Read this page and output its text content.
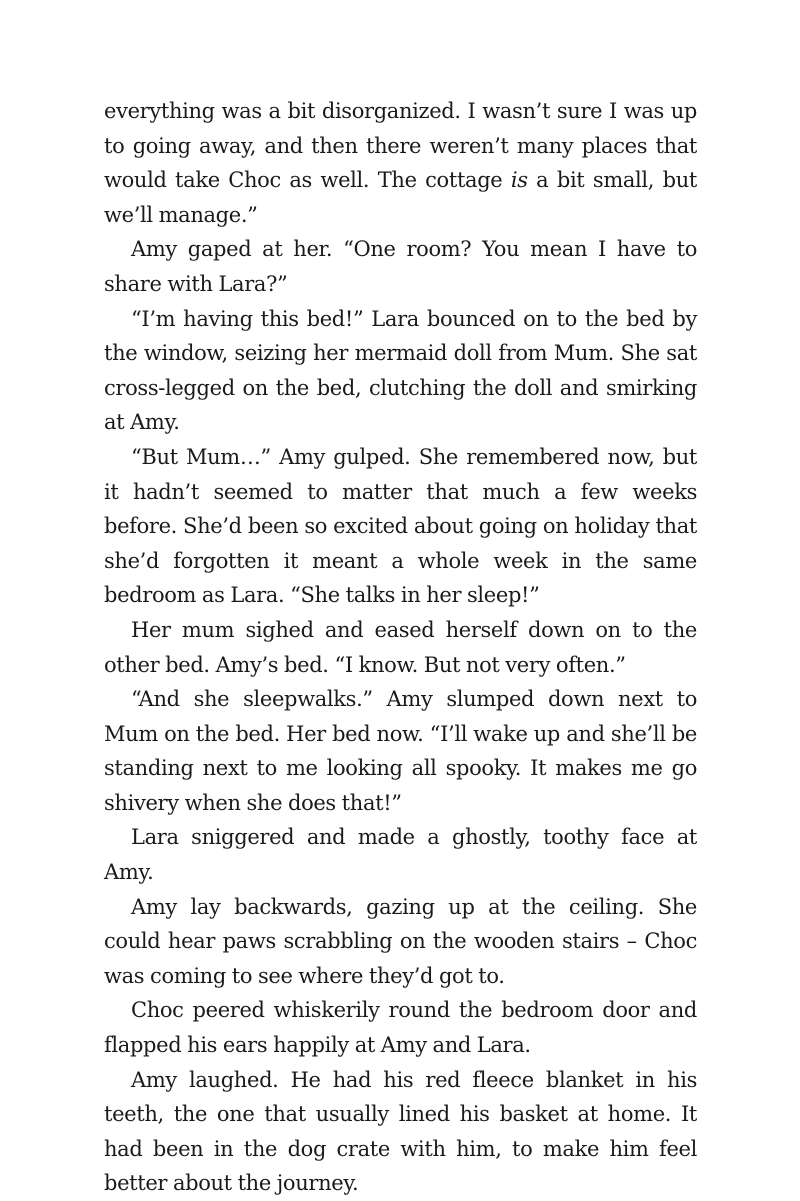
everything was a bit disorganized. I wasn’t sure I was up to going away, and then there weren’t many places that would take Choc as well. The cottage is a bit small, but we’ll manage.”

Amy gaped at her. “One room? You mean I have to share with Lara?”

“I’m having this bed!” Lara bounced on to the bed by the window, seizing her mermaid doll from Mum. She sat cross-legged on the bed, clutching the doll and smirking at Amy.

“But Mum…” Amy gulped. She remembered now, but it hadn’t seemed to matter that much a few weeks before. She’d been so excited about going on holiday that she’d forgotten it meant a whole week in the same bedroom as Lara. “She talks in her sleep!”

Her mum sighed and eased herself down on to the other bed. Amy’s bed. “I know. But not very often.”

“And she sleepwalks.” Amy slumped down next to Mum on the bed. Her bed now. “I’ll wake up and she’ll be standing next to me looking all spooky. It makes me go shivery when she does that!”

Lara sniggered and made a ghostly, toothy face at Amy.

Amy lay backwards, gazing up at the ceiling. She could hear paws scrabbling on the wooden stairs – Choc was coming to see where they’d got to.

Choc peered whiskerily round the bedroom door and flapped his ears happily at Amy and Lara.

Amy laughed. He had his red fleece blanket in his teeth, the one that usually lined his basket at home. It had been in the dog crate with him, to make him feel better about the journey.
